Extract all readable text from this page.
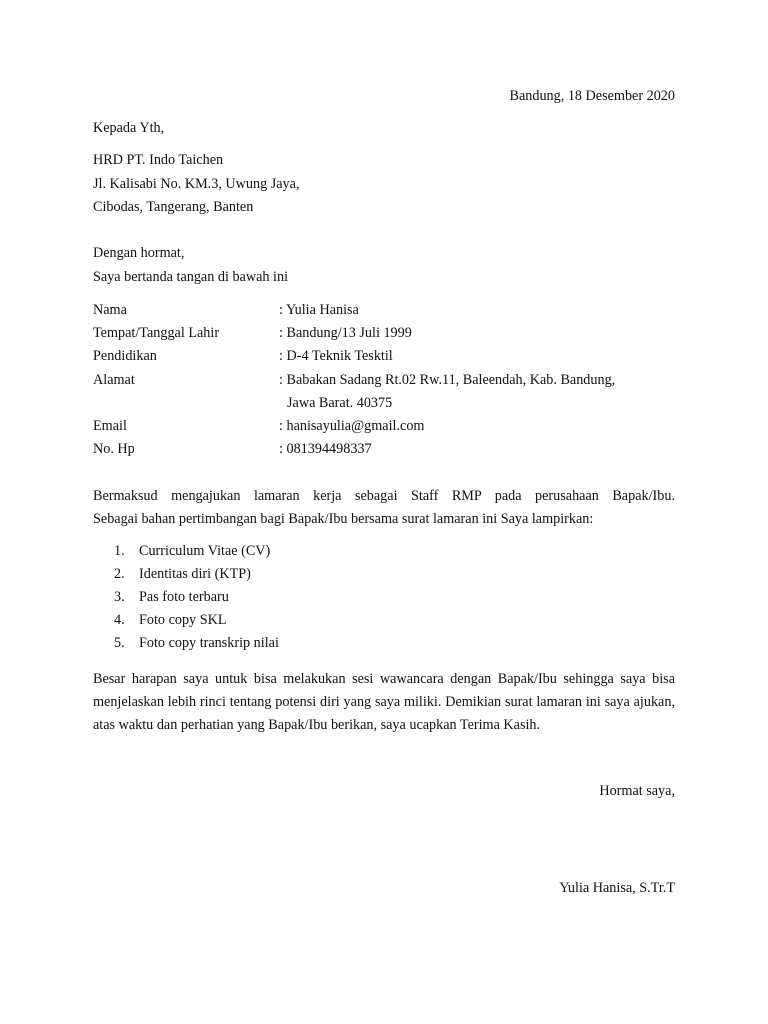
Bandung, 18 Desember 2020
Kepada Yth,
HRD PT. Indo Taichen
Jl. Kalisabi No. KM.3, Uwung Jaya,
Cibodas, Tangerang, Banten
Dengan hormat,
Saya bertanda tangan di bawah ini
Nama	: Yulia Hanisa
Tempat/Tanggal Lahir	: Bandung/13 Juli 1999
Pendidikan	: D-4 Teknik Tesktil
Alamat	: Babakan Sadang Rt.02 Rw.11, Baleendah, Kab. Bandung,
Jawa Barat. 40375
Email	: hanisayulia@gmail.com
No. Hp	: 081394498337
Bermaksud mengajukan lamaran kerja sebagai Staff RMP pada perusahaan Bapak/Ibu.
Sebagai bahan pertimbangan bagi Bapak/Ibu bersama surat lamaran ini Saya lampirkan:
1. Curriculum Vitae (CV)
2. Identitas diri (KTP)
3. Pas foto terbaru
4. Foto copy SKL
5. Foto copy transkrip nilai
Besar harapan saya untuk bisa melakukan sesi wawancara dengan Bapak/Ibu sehingga saya bisa
menjelaskan lebih rinci tentang potensi diri yang saya miliki. Demikian surat lamaran ini saya ajukan,
atas waktu dan perhatian yang Bapak/Ibu berikan, saya ucapkan Terima Kasih.
Hormat saya,
Yulia Hanisa, S.Tr.T
